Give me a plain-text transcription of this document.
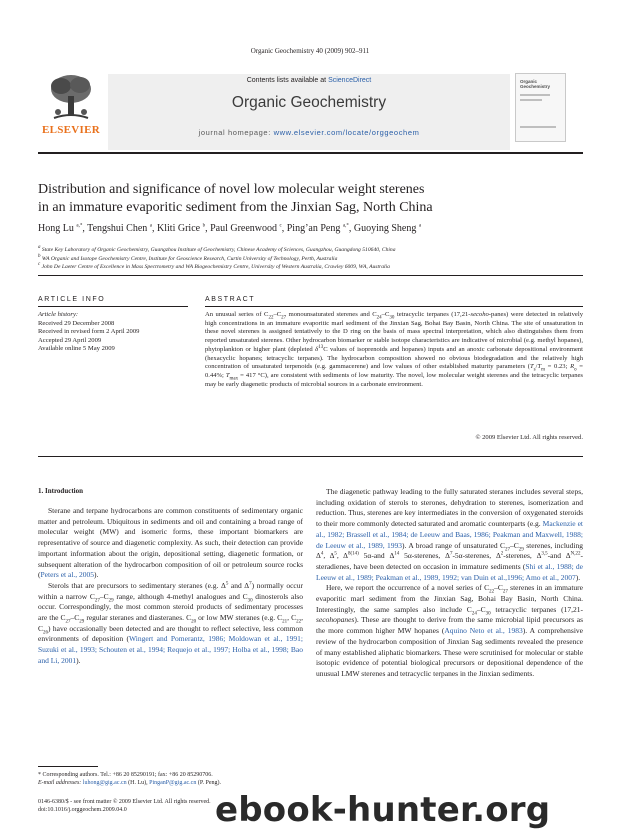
Organic Geochemistry 40 (2009) 902–911
ELSEVIER
Contents lists available at ScienceDirect
Organic Geochemistry
journal homepage: www.elsevier.com/locate/orggeochem
Organic Geochemistry
Distribution and significance of novel low molecular weight sterenes
in an immature evaporitic sediment from the Jinxian Sag, North China
Hong Lu $^{a,*}$, Tengshui Chen $^a$, Kliti Grice $^b$, Paul Greenwood $^c$, Ping’an Peng $^{a,*}$, Guoying Sheng $^a$
$^a$ State Key Laboratory of Organic Geochemistry, Guangzhou Institute of Geochemistry, Chinese Academy of Sciences, Guangzhou, Guangdong 510640, China
$^b$ WA Organic and Isotope Geochemistry Centre, Institute for Geoscience Research, Curtin University of Technology, Perth, Australia
$^c$ John De Laeter Centre of Excellence in Mass Spectrometry and WA Biogeochemistry Centre, University of Western Australia, Crawley 6009, WA, Australia
ARTICLE INFO
Article history:
Received 29 December 2008
Received in revised form 2 April 2009
Accepted 29 April 2009
Available online 5 May 2009
ABSTRACT
An unusual series of $C_{22}-C_{27}$ monounsaturated sterenes and $C_{24}-C_{30}$ tetracyclic terpanes (17,21-secoho-panes) were detected in relatively high concentrations in an immature evaporitic marl sediment of the Jinxian Sag, Bohai Bay Basin, North China. The site of unsaturation in these novel sterenes is assigned tentatively to the D ring on the basis of mass spectral interpretation, which also distinguishes them from reported unsaturated sterenes. Other hydrocarbon biomarker or stable isotope characteristics are indicative of microbial (e.g. methyl hopanes), phytoplankton or higher plant (depleted $\delta^{13}C$ values of isoprenoids and hopanes) inputs and an anoxic carbonate depositional environment (hexacyclic hopanes; tetracyclic terpanes). The hydrocarbon composition showed no obvious biodegradation and the relatively high concentration of unsaturated terpenoids (e.g. gammacerene) and low values of other established maturity parameters ($T_s/T_m = 0.23$; $R_o = 0.44\%$; $T_{max} = 417$ °C), are consistent with sediments of low maturity. The novel, low molecular weight sterenes and the tetracyclic terpanes may be early diagenetic products of microbial sources in a carbonate environment.
© 2009 Elsevier Ltd. All rights reserved.
1. Introduction

Sterane and terpane hydrocarbons are common constituents of sedimentary organic matter and petroleum. Ubiquitous in sediments and oil and containing a broad range of molecular weight (MW) and isomeric forms, these important biomarkers are representative of source and diagenetic complexity. As such, their detection can provide important information about the origin, depositional setting, diagenetic formation, or subsequent alteration of the hydrocarbon composition of oil or petroleum source rocks (Peters et al., 2005).

Sterols that are precursors to sedimentary steranes (e.g. $\Delta^5$ and $\Delta^7$) normally occur within a narrow $C_{27}-C_{29}$ range, although 4-methyl analogues and $C_{30}$ dinosterols also occur. Correspondingly, the most common steroid products of sedimentary processes are the $C_{27}-C_{29}$ regular steranes and diasteranes. $C_{20}$ or low MW steranes (e.g. $C_{21}$, $C_{22}$, $C_{26}$) have occasionally been detected and are thought to reflect selective, less common environments of deposition (Wingert and Pomerantz, 1986; Moldowan et al., 1991; Suzuki et al., 1993; Schouten et al., 1994; Requejo et al., 1997; Holba et al., 1998; Bao and Li, 2001).

The diagenetic pathway leading to the fully saturated steranes includes several steps, including oxidation of sterols to sterones, dehydration to sterenes, isomerization and reduction. Thus, sterenes are key intermediates in the conversion of oxygenated steroids to their more commonly detected saturated and aromatic counterparts (e.g. Mackenzie et al., 1982; Brassell et al., 1984; de Leeuw and Baas, 1986; Peakman and Maxwell, 1988; de Leeuw et al., 1989, 1993). A broad range of unsaturated $C_{27}-C_{29}$ sterenes, including $\Delta^4$, $\Delta^5$, $\Delta^{8(14)}$ 5α-and $\Delta^{14}$ 5α-sterenes, $\Delta^7-5\alpha$-sterenes, $\Delta^2$-sterenes, Δ$^{3,5}$-and $\Delta^{N,22}$-steradienes, have been detected on occasion in immature sediments (Shi et al., 1988; de Leeuw et al., 1989; Peakman et al., 1989, 1992; van Duin et al.,1996; Amo et al., 2007).

Here, we report the occurrence of a novel series of $C_{22}-C_{27}$ sterenes in an immature evaporitic marl sediment from the Jinxian Sag, Bohai Bay Basin, North China. Interestingly, the same samples also include $C_{24}-C_{30}$ tetracyclic terpanes (17,21-secohopanes). These are thought to derive from the same microbial lipid precursors as the more common higher MW hopanes (Aquino Neto et al., 1983). A comprehensive review of the hydrocarbon composition of Jinxian Sag sediments revealed the presence of many established aliphatic biomarkers. These were scrutinised for molecular or stable isotopic evidence of potential biological precursors or depositional dependence of the unusual LMW sterenes and tetracyclic terpanes in the Jinxian sediments.

* Corresponding authors. Tel.: +86 20 85290191; fax: +86 20 85290706.
E-mail addresses: luhong@gig.ac.cn (H. Lu), PinganP@gig.ac.cn (P. Peng).
0146-6380/$ - see front matter © 2009 Elsevier Ltd. All rights reserved.
doi:10.1016/j.orggeochem.2009.04.0	ebook-hunter.org
